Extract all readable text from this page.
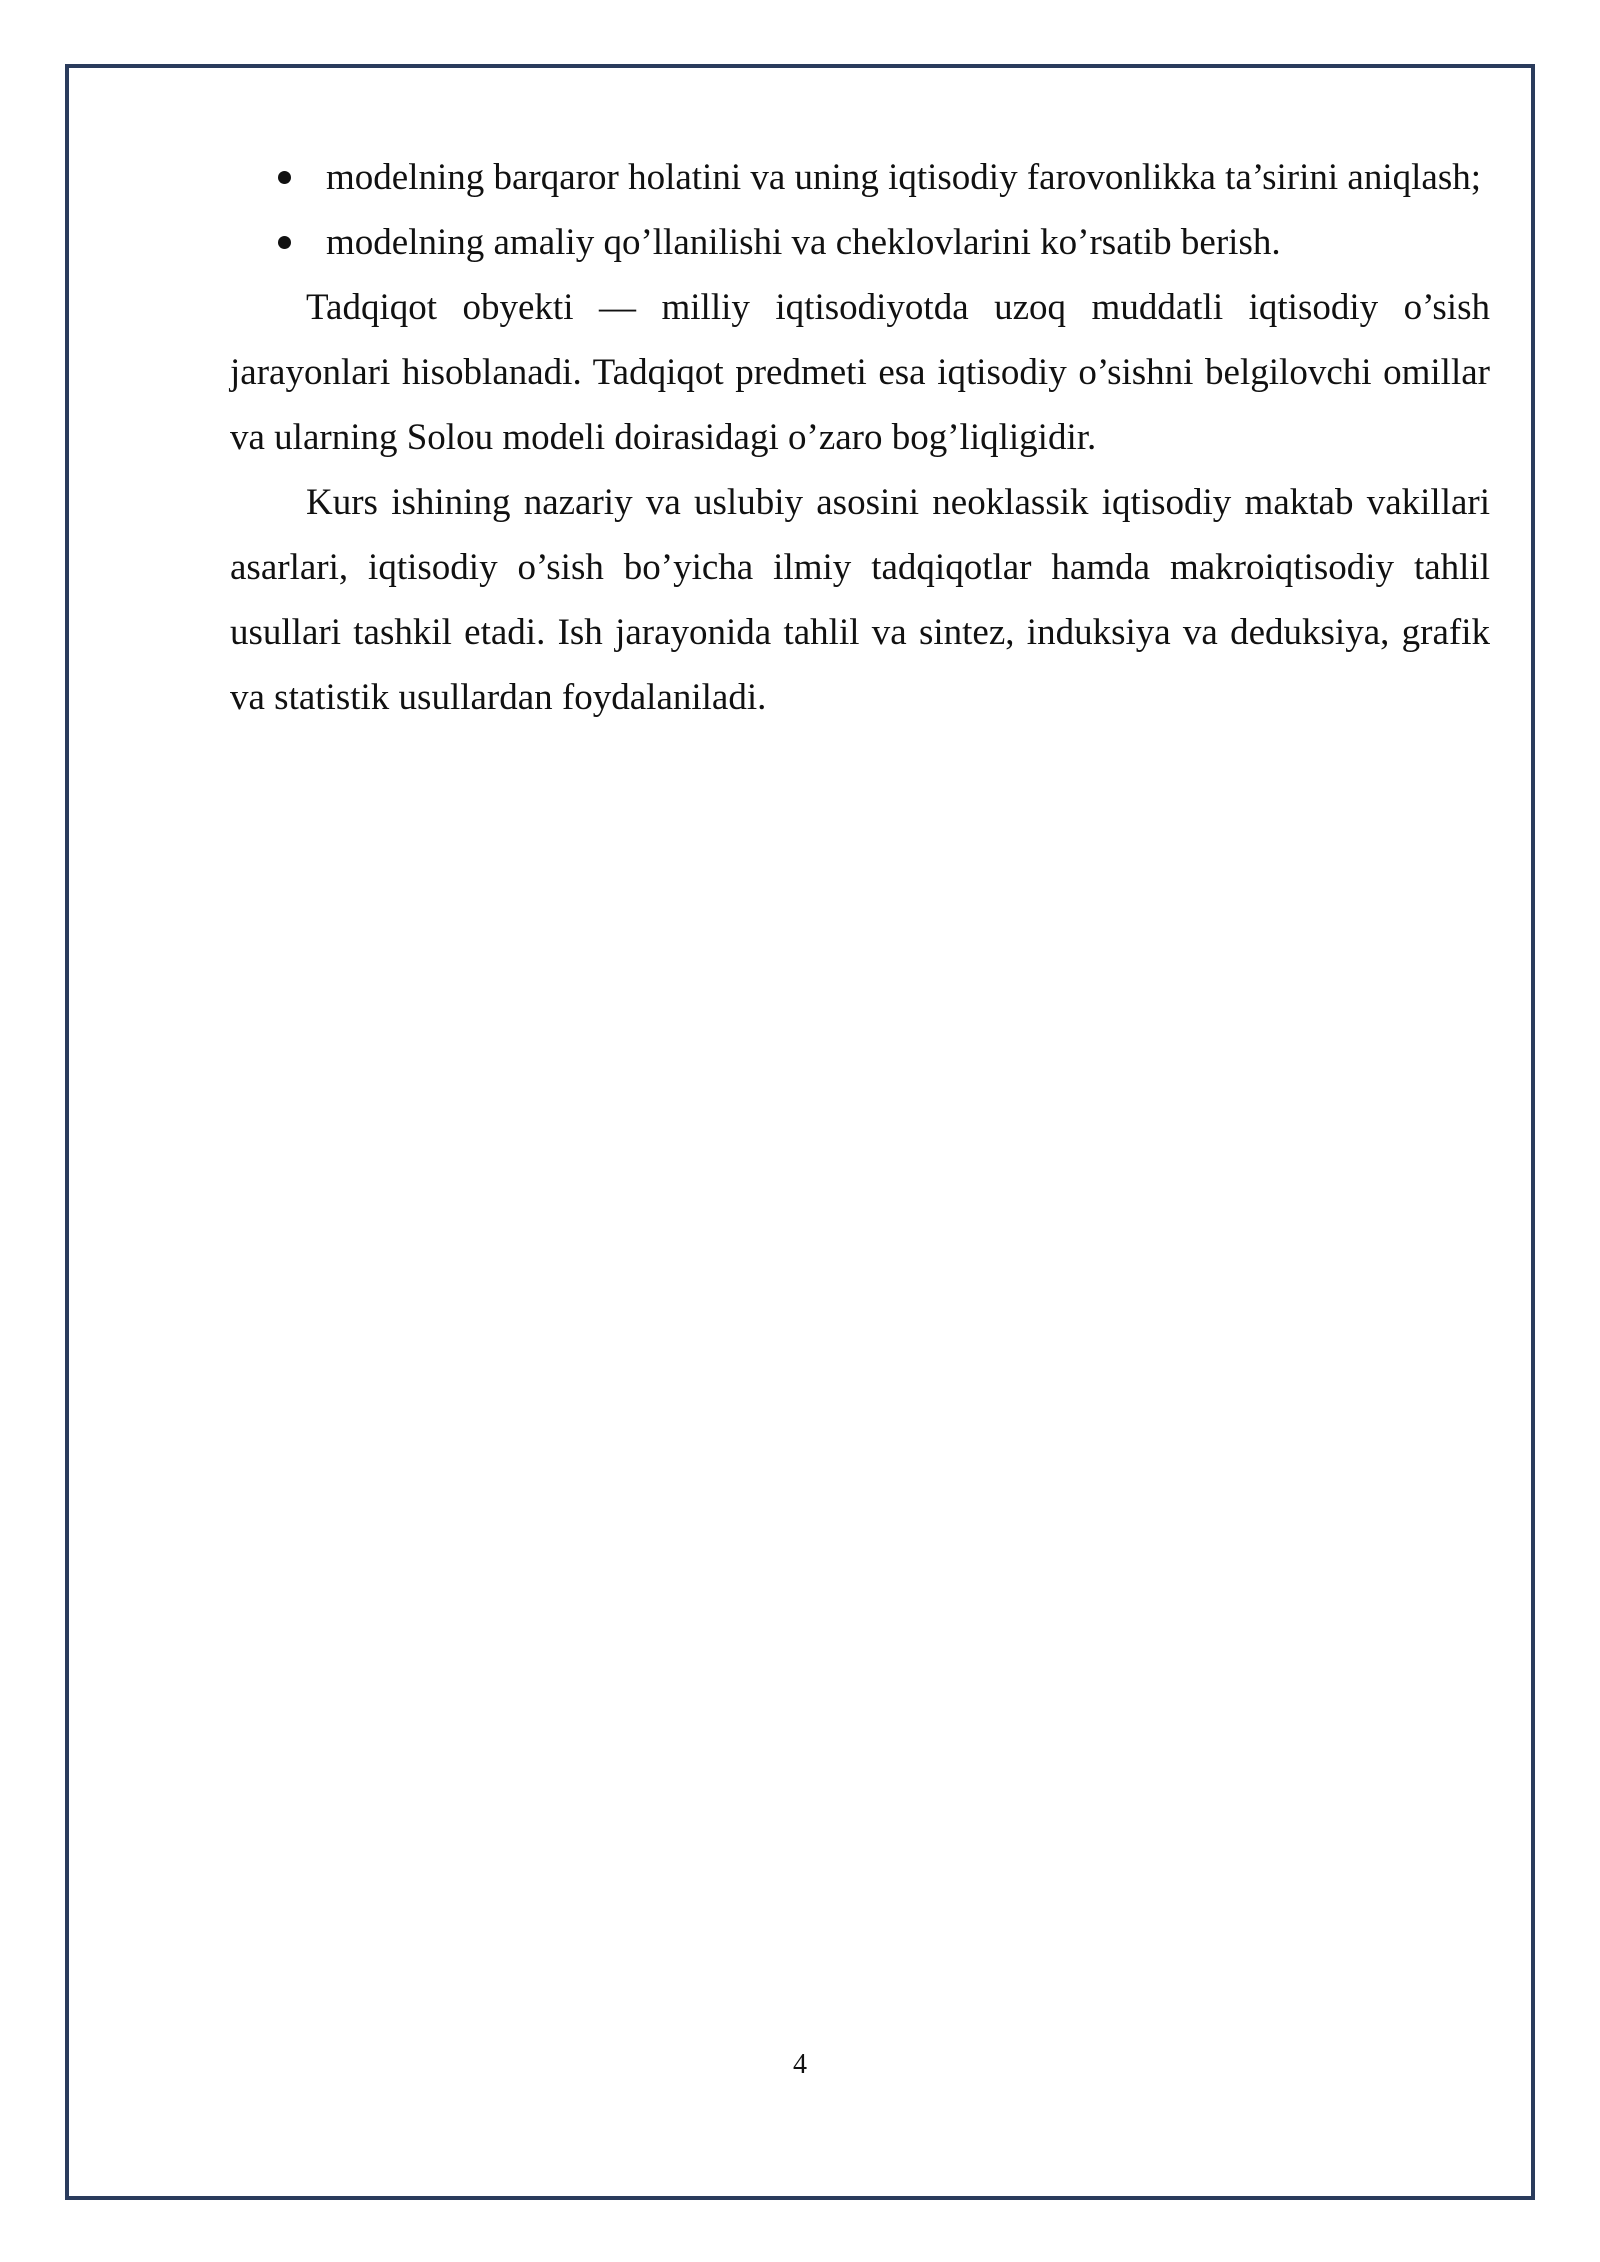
modelning barqaror holatini va uning iqtisodiy farovonlikka ta’sirini aniqlash;
modelning amaliy qo’llanilishi va cheklovlarini ko’rsatib berish.

Tadqiqot obyekti — milliy iqtisodiyotda uzoq muddatli iqtisodiy o’sish jarayonlari hisoblanadi. Tadqiqot predmeti esa iqtisodiy o’sishni belgilovchi omillar va ularning Solou modeli doirasidagi o’zaro bog’liqligidir.

Kurs ishining nazariy va uslubiy asosini neoklassik iqtisodiy maktab vakillari asarlari, iqtisodiy o’sish bo’yicha ilmiy tadqiqotlar hamda makroiqtisodiy tahlil usullari tashkil etadi. Ish jarayonida tahlil va sintez, induksiya va deduksiya, grafik va statistik usullardan foydalaniladi.

4
